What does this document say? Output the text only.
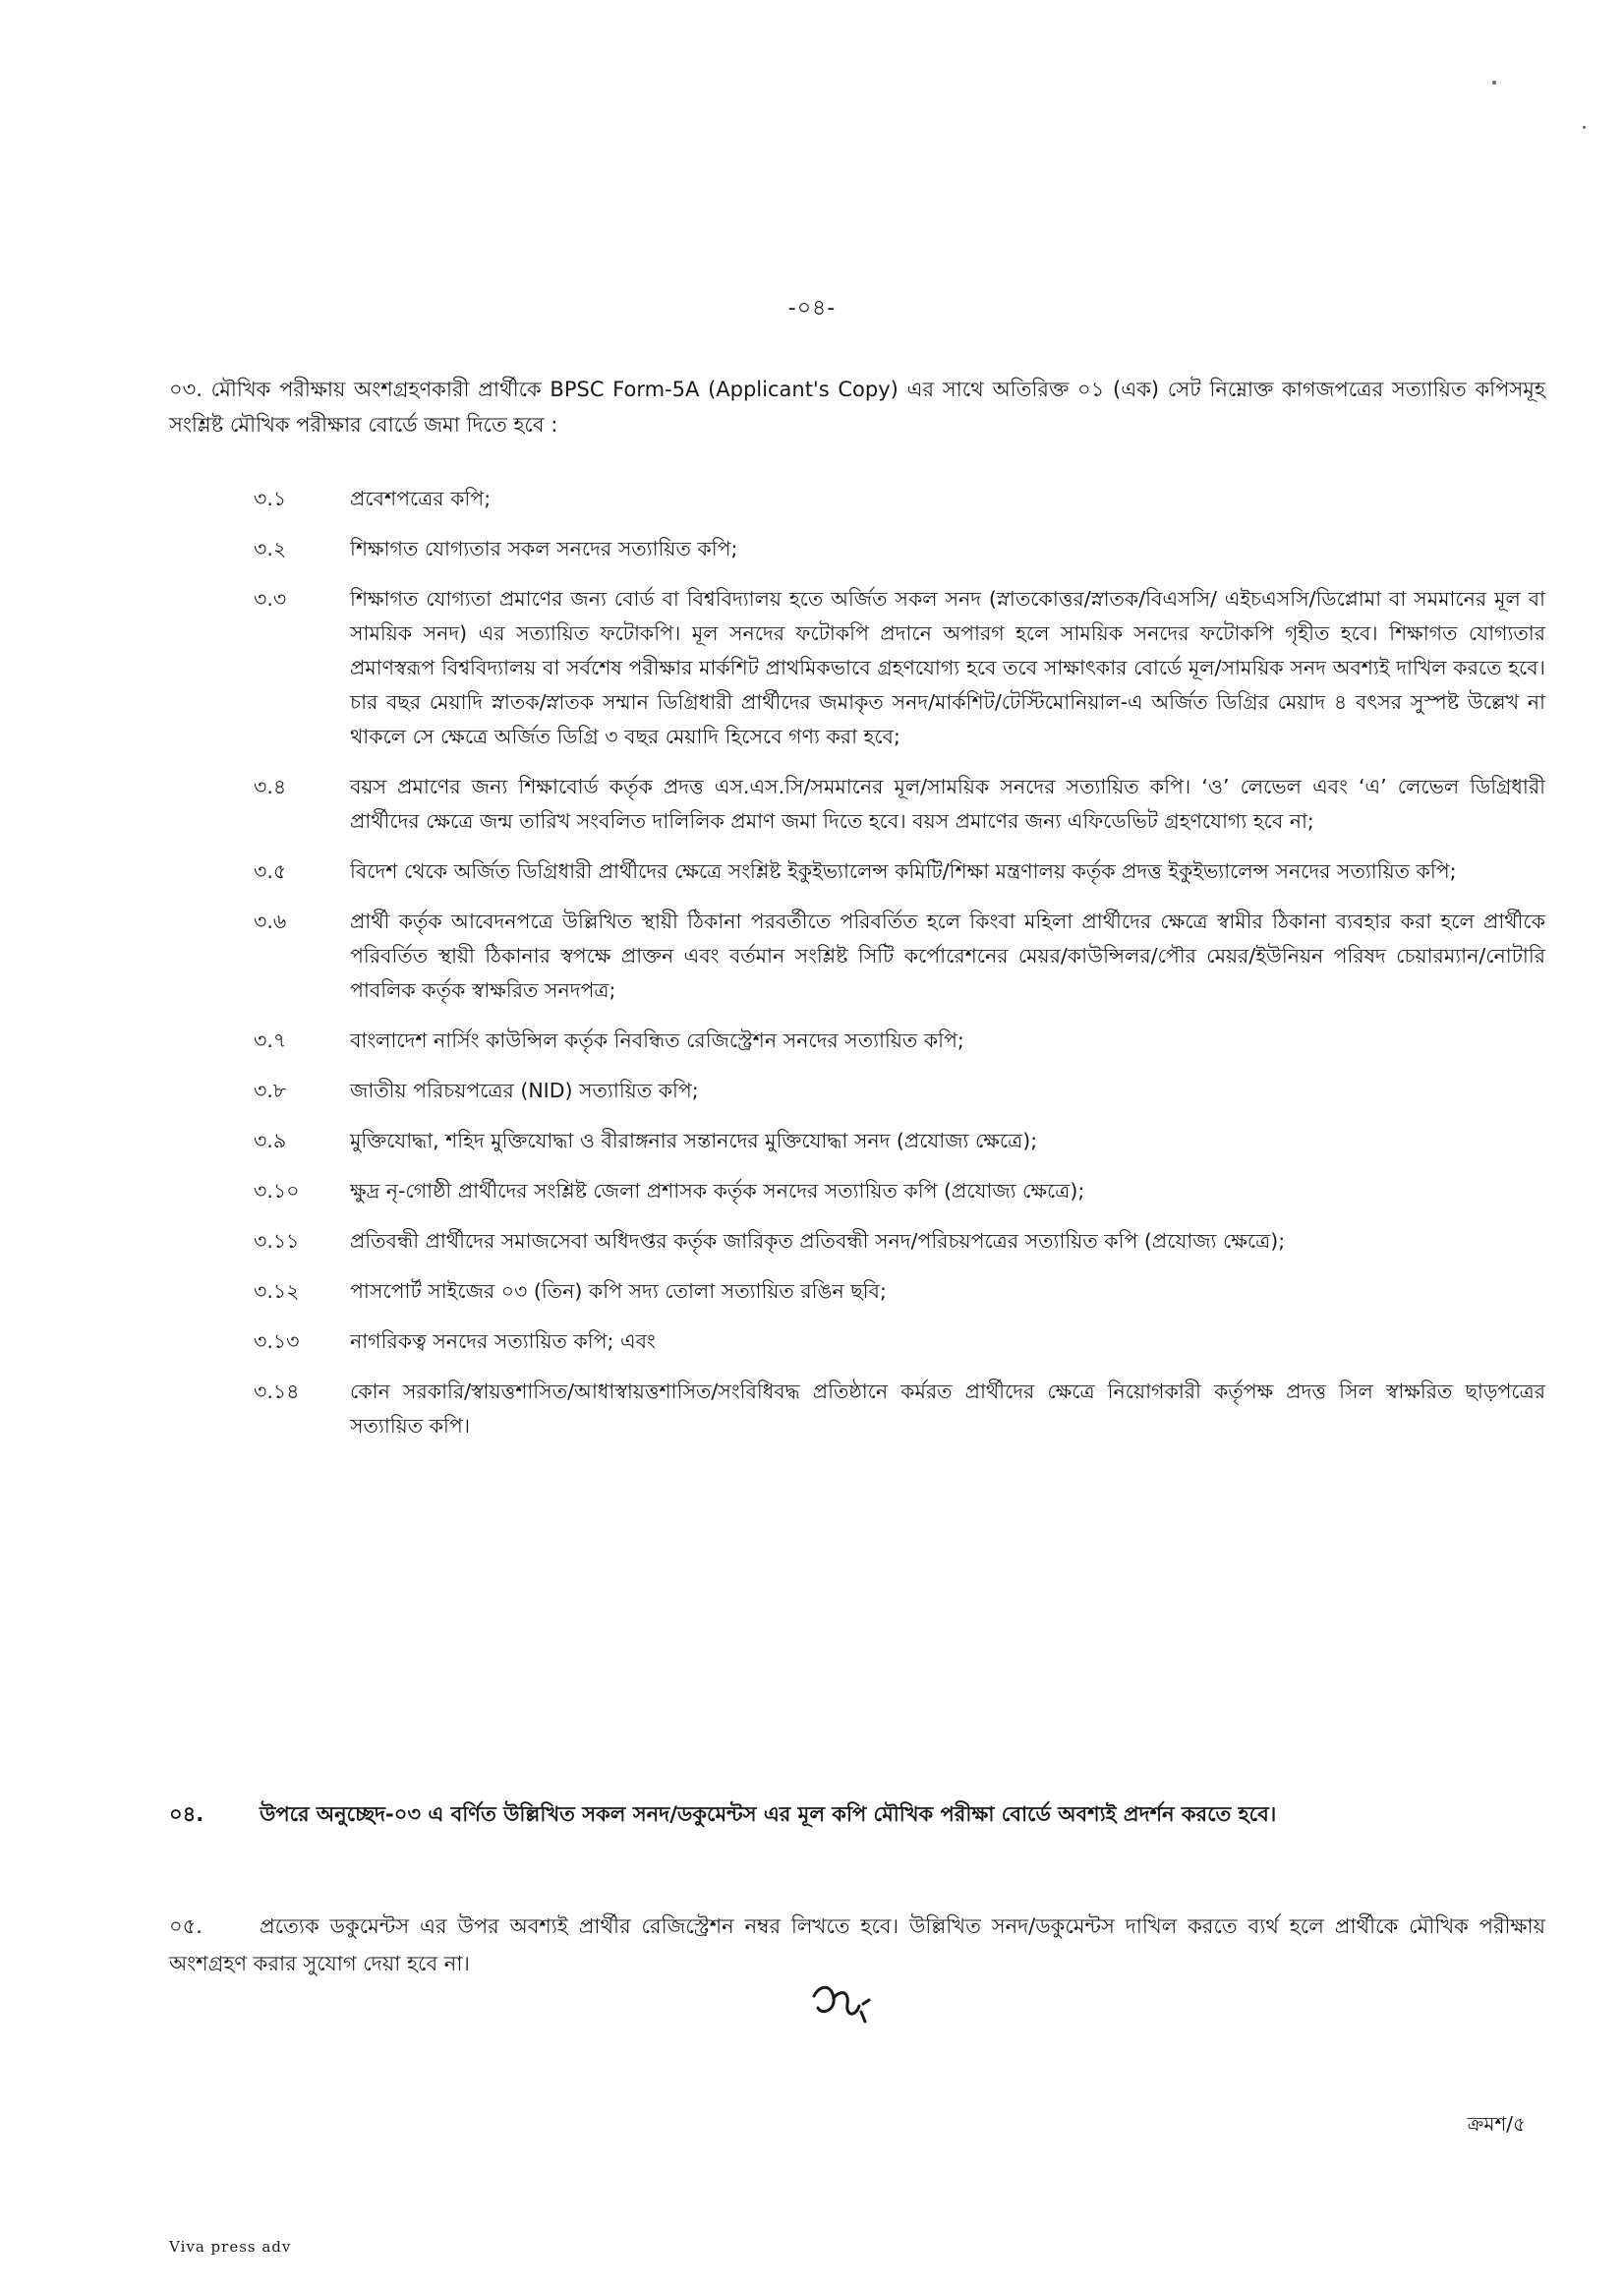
-০৪-
০৩. মৌখিক পরীক্ষায় অংশগ্রহণকারী প্রার্থীকে BPSC Form-5A (Applicant's Copy) এর সাথে অতিরিক্ত ০১ (এক) সেট নিম্নোক্ত কাগজপত্রের সত্যায়িত কপিসমূহ সংশ্লিষ্ট মৌখিক পরীক্ষার বোর্ডে জমা দিতে হবে :
৩.১	প্রবেশপত্রের কপি;
৩.২	শিক্ষাগত যোগ্যতার সকল সনদের সত্যায়িত কপি;
৩.৩	শিক্ষাগত যোগ্যতা প্রমাণের জন্য বোর্ড বা বিশ্ববিদ্যালয় হতে অর্জিত সকল সনদ (স্নাতকোত্তর/স্নাতক/বিএসসি/ এইচএসসি/ডিপ্লোমা বা সমমানের মূল বা সাময়িক সনদ) এর সত্যায়িত ফটোকপি। মূল সনদের ফটোকপি প্রদানে অপারগ হলে সাময়িক সনদের ফটোকপি গৃহীত হবে। শিক্ষাগত যোগ্যতার প্রমাণস্বরূপ বিশ্ববিদ্যালয় বা সর্বশেষ পরীক্ষার মার্কশিট প্রাথমিকভাবে গ্রহণযোগ্য হবে তবে সাক্ষাৎকার বোর্ডে মূল/সাময়িক সনদ অবশ্যই দাখিল করতে হবে। চার বছর মেয়াদি স্নাতক/স্নাতক সম্মান ডিগ্রিধারী প্রার্থীদের জমাকৃত সনদ/মার্কশিট/টেস্টিমোনিয়াল-এ অর্জিত ডিগ্রির মেয়াদ ৪ বৎসর সুস্পষ্ট উল্লেখ না থাকলে সে ক্ষেত্রে অর্জিত ডিগ্রি ৩ বছর মেয়াদি হিসেবে গণ্য করা হবে;
৩.৪	বয়স প্রমাণের জন্য শিক্ষাবোর্ড কর্তৃক প্রদত্ত এস.এস.সি/সমমানের মূল/সাময়িক সনদের সত্যায়িত কপি। ‘ও’ লেভেল এবং ‘এ’ লেভেল ডিগ্রিধারী প্রার্থীদের ক্ষেত্রে জন্ম তারিখ সংবলিত দালিলিক প্রমাণ জমা দিতে হবে। বয়স প্রমাণের জন্য এফিডেভিট গ্রহণযোগ্য হবে না;
৩.৫	বিদেশ থেকে অর্জিত ডিগ্রিধারী প্রার্থীদের ক্ষেত্রে সংশ্লিষ্ট ইকুইভ্যালেন্স কমিটি/শিক্ষা মন্ত্রণালয় কর্তৃক প্রদত্ত ইকুইভ্যালেন্স সনদের সত্যায়িত কপি;
৩.৬	প্রার্থী কর্তৃক আবেদনপত্রে উল্লিখিত স্থায়ী ঠিকানা পরবর্তীতে পরিবর্তিত হলে কিংবা মহিলা প্রার্থীদের ক্ষেত্রে স্বামীর ঠিকানা ব্যবহার করা হলে প্রার্থীকে পরিবর্তিত স্থায়ী ঠিকানার স্বপক্ষে প্রাক্তন এবং বর্তমান সংশ্লিষ্ট সিটি কর্পোরেশনের মেয়র/কাউন্সিলর/পৌর মেয়র/ইউনিয়ন পরিষদ চেয়ারম্যান/নোটারি পাবলিক কর্তৃক স্বাক্ষরিত সনদপত্র;
৩.৭	বাংলাদেশ নার্সিং কাউন্সিল কর্তৃক নিবন্ধিত রেজিস্ট্রেশন সনদের সত্যায়িত কপি;
৩.৮	জাতীয় পরিচয়পত্রের (NID) সত্যায়িত কপি;
৩.৯	মুক্তিযোদ্ধা, শহিদ মুক্তিযোদ্ধা ও বীরাঙ্গনার সন্তানদের মুক্তিযোদ্ধা সনদ (প্রযোজ্য ক্ষেত্রে);
৩.১০	ক্ষুদ্র নৃ-গোষ্ঠী প্রার্থীদের সংশ্লিষ্ট জেলা প্রশাসক কর্তৃক সনদের সত্যায়িত কপি (প্রযোজ্য ক্ষেত্রে);
৩.১১	প্রতিবন্ধী প্রার্থীদের সমাজসেবা অধিদপ্তর কর্তৃক জারিকৃত প্রতিবন্ধী সনদ/পরিচয়পত্রের সত্যায়িত কপি (প্রযোজ্য ক্ষেত্রে);
৩.১২	পাসপোর্ট সাইজের ০৩ (তিন) কপি সদ্য তোলা সত্যায়িত রঙিন ছবি;
৩.১৩	নাগরিকত্ব সনদের সত্যায়িত কপি; এবং
৩.১৪	কোন সরকারি/স্বায়ত্তশাসিত/আধাস্বায়ত্তশাসিত/সংবিধিবদ্ধ প্রতিষ্ঠানে কর্মরত প্রার্থীদের ক্ষেত্রে নিয়োগকারী কর্তৃপক্ষ প্রদত্ত সিল স্বাক্ষরিত ছাড়পত্রের সত্যায়িত কপি।
০৪.	উপরে অনুচ্ছেদ-০৩ এ বর্ণিত উল্লিখিত সকল সনদ/ডকুমেন্টস এর মূল কপি মৌখিক পরীক্ষা বোর্ডে অবশ্যই প্রদর্শন করতে হবে।
০৫.	প্রত্যেক ডকুমেন্টস এর উপর অবশ্যই প্রার্থীর রেজিস্ট্রেশন নম্বর লিখতে হবে। উল্লিখিত সনদ/ডকুমেন্টস দাখিল করতে ব্যর্থ হলে প্রার্থীকে মৌখিক পরীক্ষায় অংশগ্রহণ করার সুযোগ দেয়া হবে না।
ক্রমশ/৫
Viva press adv
